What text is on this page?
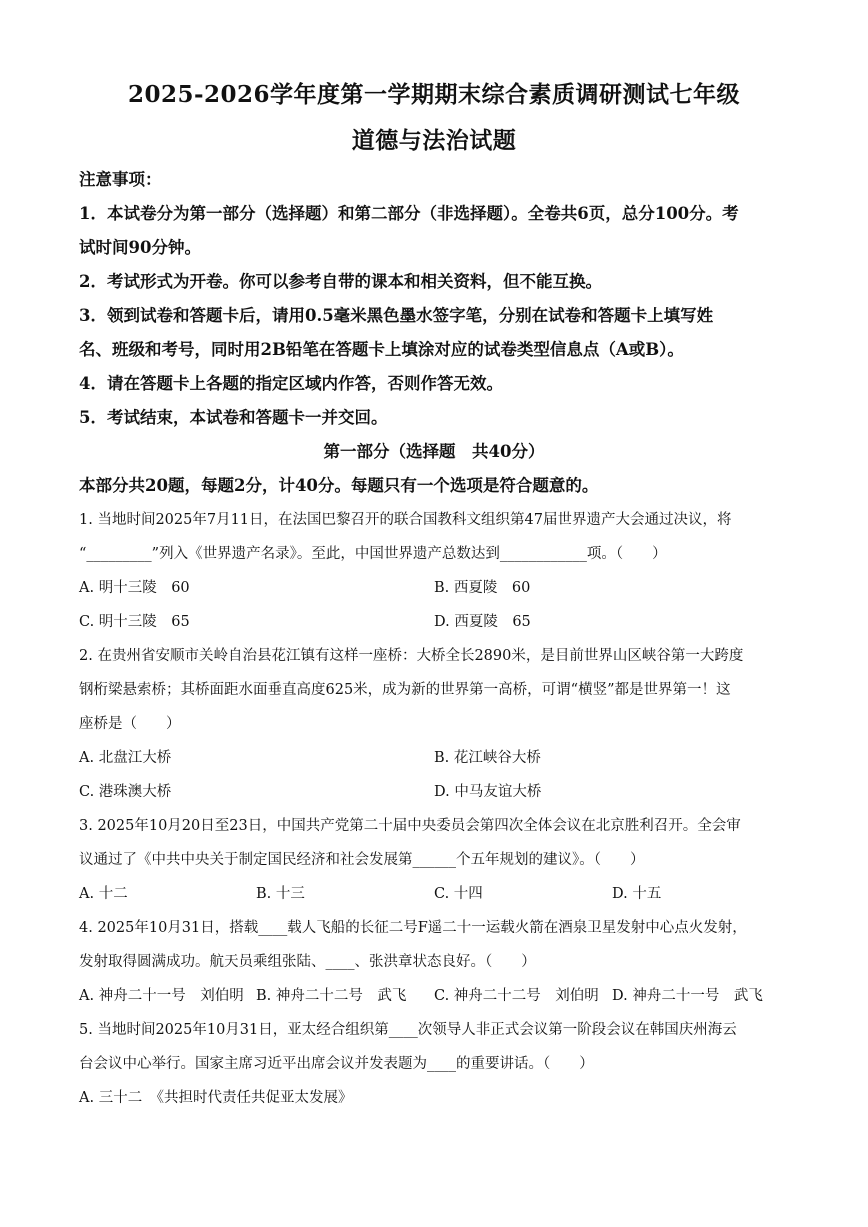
2025-2026学年度第一学期期末综合素质调研测试七年级
道德与法治试题
注意事项：
1．本试卷分为第一部分（选择题）和第二部分（非选择题）。全卷共6页，总分100分。考
试时间90分钟。
2．考试形式为开卷。你可以参考自带的课本和相关资料，但不能互换。
3．领到试卷和答题卡后，请用0.5毫米黑色墨水签字笔，分别在试卷和答题卡上填写姓
名、班级和考号，同时用2B铅笔在答题卡上填涂对应的试卷类型信息点（A或B）。
4．请在答题卡上各题的指定区域内作答，否则作答无效。
5．考试结束，本试卷和答题卡一并交回。
第一部分（选择题　共40分）
本部分共20题，每题2分，计40分。每题只有一个选项是符合题意的。
1. 当地时间2025年7月11日，在法国巴黎召开的联合国教科文组织第47届世界遗产大会通过决议，将
“_________”列入《世界遗产名录》。至此，中国世界遗产总数达到____________项。（　　）
A. 明十三陵　60	B. 西夏陵　60
C. 明十三陵　65	D. 西夏陵　65
2. 在贵州省安顺市关岭自治县花江镇有这样一座桥：大桥全长2890米，是目前世界山区峡谷第一大跨度
钢桁梁悬索桥；其桥面距水面垂直高度625米，成为新的世界第一高桥，可谓“横竖”都是世界第一！这
座桥是（　　）
A. 北盘江大桥	B. 花江峡谷大桥
C. 港珠澳大桥	D. 中马友谊大桥
3. 2025年10月20日至23日，中国共产党第二十届中央委员会第四次全体会议在北京胜利召开。全会审
议通过了《中共中央关于制定国民经济和社会发展第______个五年规划的建议》。（　　）
A. 十二	B. 十三	C. 十四	D. 十五
4. 2025年10月31日，搭载____载人飞船的长征二号F遥二十一运载火箭在酒泉卫星发射中心点火发射，
发射取得圆满成功。航天员乘组张陆、____、张洪章状态良好。（　　）
A. 神舟二十一号　刘伯明 B. 神舟二十二号　武飞 C. 神舟二十二号　刘伯明 D. 神舟二十一号　武飞
5. 当地时间2025年10月31日，亚太经合组织第____次领导人非正式会议第一阶段会议在韩国庆州海云
台会议中心举行。国家主席习近平出席会议并发表题为____的重要讲话。（　　）
A. 三十二　《共担时代责任共促亚太发展》
